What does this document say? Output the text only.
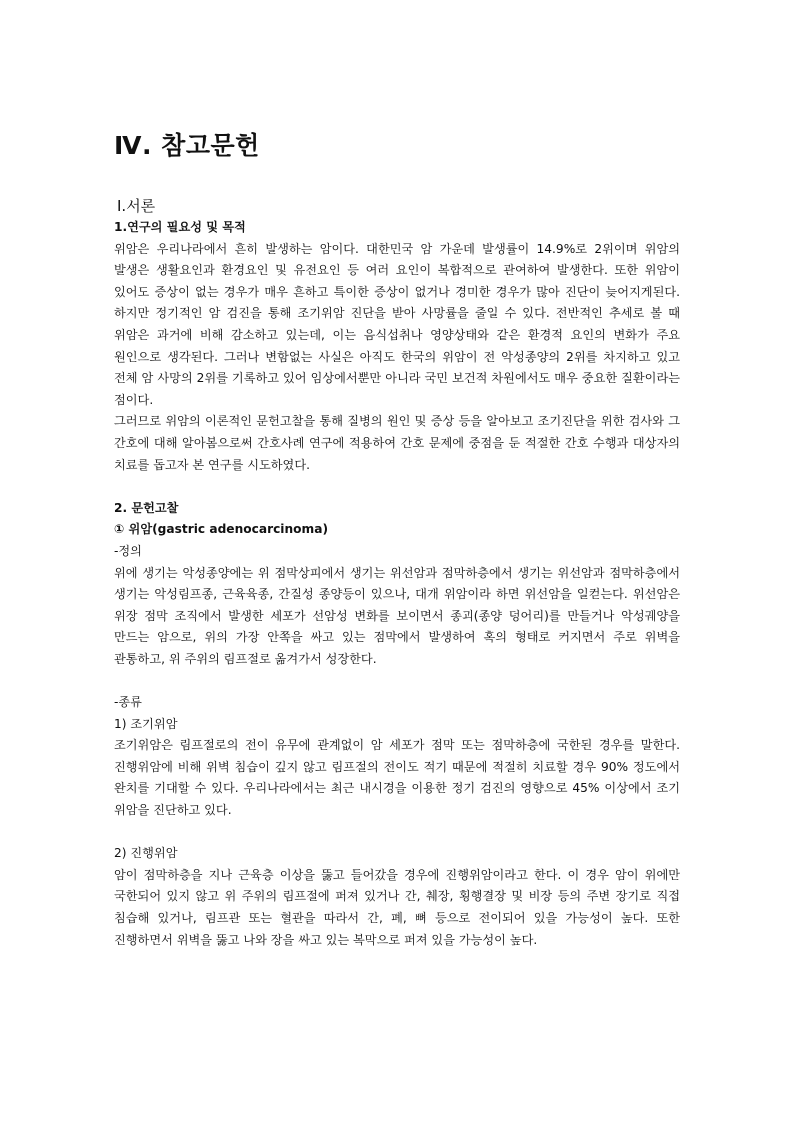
Ⅳ. 참고문헌
Ⅰ.서론

1.연구의 필요성 및 목적

위암은 우리나라에서 흔히 발생하는 암이다. 대한민국 암 가운데 발생률이 14.9%로 2위이며 위암의 발생은 생활요인과 환경요인 및 유전요인 등 여러 요인이 복합적으로 관여하여 발생한다. 또한 위암이 있어도 증상이 없는 경우가 매우 흔하고 특이한 증상이 없거나 경미한 경우가 많아 진단이 늦어지게된다. 하지만 정기적인 암 검진을 통해 조기위암 진단을 받아 사망률을 줄일 수 있다. 전반적인 추세로 볼 때 위암은 과거에 비해 감소하고 있는데, 이는 음식섭취나 영양상태와 같은 환경적 요인의 변화가 주요 원인으로 생각된다. 그러나 변함없는 사실은 아직도 한국의 위암이 전 악성종양의 2위를 차지하고 있고 전체 암 사망의 2위를 기록하고 있어 임상에서뿐만 아니라 국민 보건적 차원에서도 매우 중요한 질환이라는 점이다.

그러므로 위암의 이론적인 문헌고찰을 통해 질병의 원인 및 증상 등을 알아보고 조기진단을 위한 검사와 그 간호에 대해 알아봄으로써 간호사례 연구에 적용하여 간호 문제에 중점을 둔 적절한 간호 수행과 대상자의 치료를 돕고자 본 연구를 시도하였다.

2. 문헌고찰

① 위암(gastric adenocarcinoma)

-정의

위에 생기는 악성종양에는 위 점막상피에서 생기는 위선암과 점막하층에서 생기는 위선암과 점막하층에서 생기는 악성림프종, 근육육종, 간질성 종양등이 있으나, 대개 위암이라 하면 위선암을 일컫는다. 위선암은 위장 점막 조직에서 발생한 세포가 선암성 변화를 보이면서 종괴(종양 덩어리)를 만들거나 악성궤양을 만드는 암으로, 위의 가장 안쪽을 싸고 있는 점막에서 발생하여 혹의 형태로 커지면서 주로 위벽을 관통하고, 위 주위의 림프절로 옮겨가서 성장한다.

-종류

1) 조기위암

조기위암은 림프절로의 전이 유무에 관계없이 암 세포가 점막 또는 점막하층에 국한된 경우를 말한다. 진행위암에 비해 위벽 침습이 깊지 않고 림프절의 전이도 적기 때문에 적절히 치료할 경우 90% 정도에서 완치를 기대할 수 있다. 우리나라에서는 최근 내시경을 이용한 정기 검진의 영향으로 45% 이상에서 조기 위암을 진단하고 있다.

2) 진행위암

암이 점막하층을 지나 근육층 이상을 뚫고 들어갔을 경우에 진행위암이라고 한다. 이 경우 암이 위에만 국한되어 있지 않고 위 주위의 림프절에 퍼져 있거나 간, 췌장, 횡행결장 및 비장 등의 주변 장기로 직접 침습해 있거나, 림프관 또는 혈관을 따라서 간, 폐, 뼈 등으로 전이되어 있을 가능성이 높다. 또한 진행하면서 위벽을 뚫고 나와 장을 싸고 있는 복막으로 퍼져 있을 가능성이 높다.
